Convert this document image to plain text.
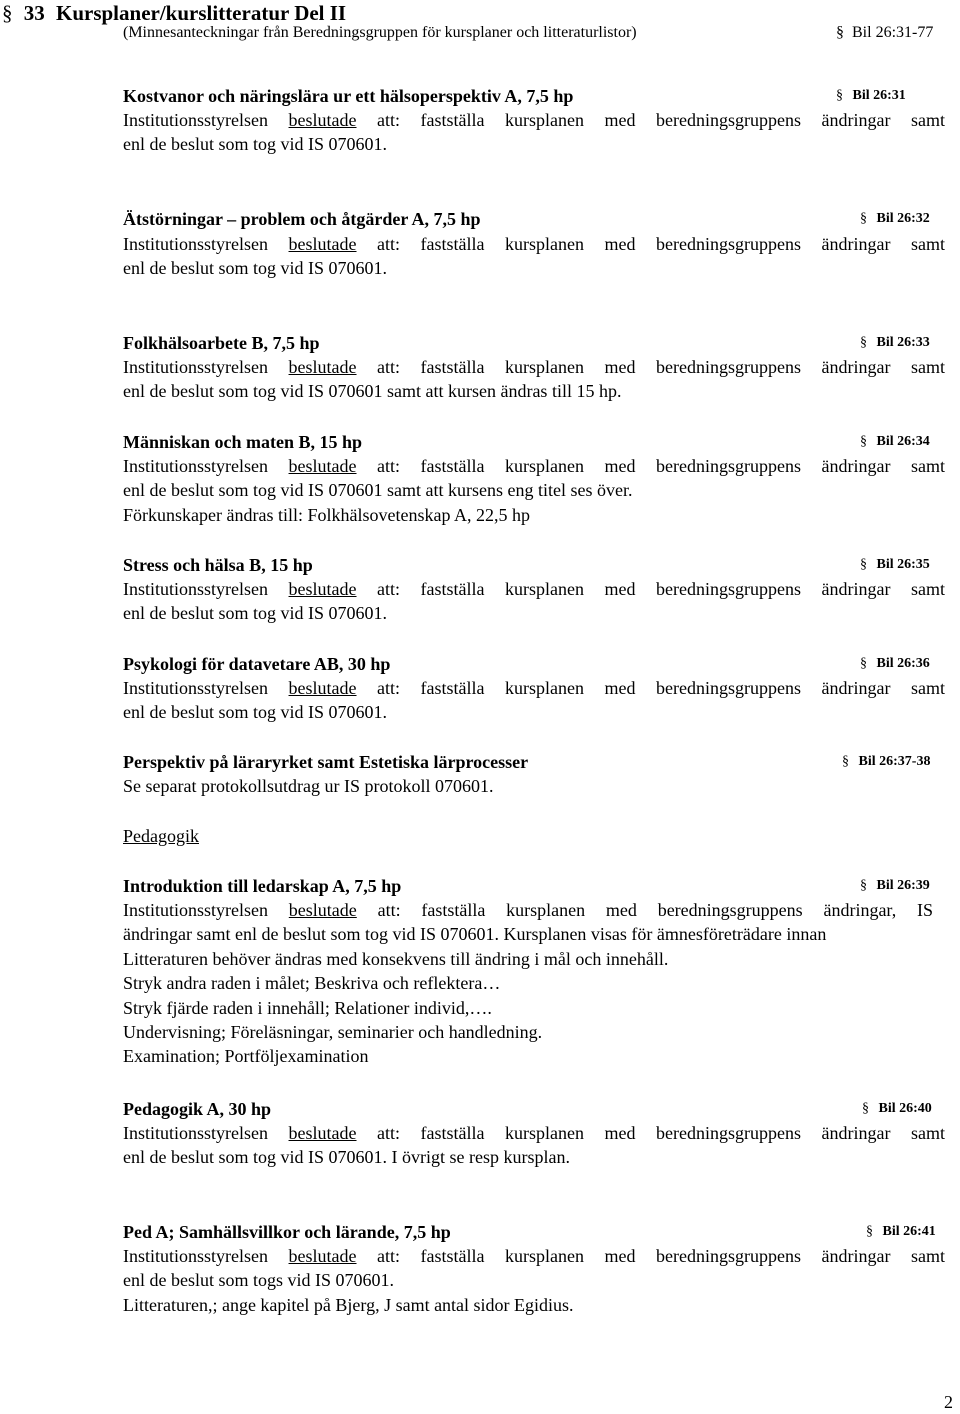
§ 33 Kursplaner/kurslitteratur Del II
(Minnesanteckningar från Beredningsgruppen för kursplaner och litteraturlistor)	§ Bil 26:31-77
Kostvanor och näringslära ur ett hälsoperspektiv A, 7,5 hp	§ Bil 26:31
Institutionsstyrelsen beslutade att: fastställa kursplanen med beredningsgruppens ändringar samt
enl de beslut som tog vid IS 070601.
Ätstörningar – problem och åtgärder A, 7,5 hp	§ Bil 26:32
Institutionsstyrelsen beslutade att: fastställa kursplanen med beredningsgruppens ändringar samt
enl de beslut som tog vid IS 070601.
Folkhälsoarbete B, 7,5 hp	§ Bil 26:33
Institutionsstyrelsen beslutade att: fastställa kursplanen med beredningsgruppens ändringar samt
enl de beslut som tog vid IS 070601 samt att kursen ändras till 15 hp.
Människan och maten B, 15 hp	§ Bil 26:34
Institutionsstyrelsen beslutade att: fastställa kursplanen med beredningsgruppens ändringar samt
enl de beslut som tog vid IS 070601 samt att kursens eng titel ses över.
Förkunskaper ändras till: Folkhälsovetenskap A, 22,5 hp
Stress och hälsa B, 15 hp	§ Bil 26:35
Institutionsstyrelsen beslutade att: fastställa kursplanen med beredningsgruppens ändringar samt
enl de beslut som tog vid IS 070601.
Psykologi för datavetare AB, 30 hp	§ Bil 26:36
Institutionsstyrelsen beslutade att: fastställa kursplanen med beredningsgruppens ändringar samt
enl de beslut som tog vid IS 070601.
Perspektiv på läraryrket samt Estetiska lärprocesser	§ Bil 26:37-38
Se separat protokollsutdrag ur IS protokoll 070601.
Pedagogik
Introduktion till ledarskap A, 7,5 hp	§ Bil 26:39
Institutionsstyrelsen beslutade att: fastställa kursplanen med beredningsgruppens ändringar, IS
ändringar samt enl de beslut som tog vid IS 070601. Kursplanen visas för ämnesföreträdare innan
Litteraturen behöver ändras med konsekvens till ändring i mål och innehåll.
Stryk andra raden i målet; Beskriva och reflektera…
Stryk fjärde raden i innehåll; Relationer individ,….
Undervisning; Föreläsningar, seminarier och handledning.
Examination; Portföljexamination
Pedagogik A, 30 hp	§ Bil 26:40
Institutionsstyrelsen beslutade att: fastställa kursplanen med beredningsgruppens ändringar samt
enl de beslut som tog vid IS 070601. I övrigt se resp kursplan.
Ped A; Samhällsvillkor och lärande, 7,5 hp	§ Bil 26:41
Institutionsstyrelsen beslutade att: fastställa kursplanen med beredningsgruppens ändringar samt
enl de beslut som togs vid IS 070601.
Litteraturen,; ange kapitel på Bjerg, J samt antal sidor Egidius.
2
